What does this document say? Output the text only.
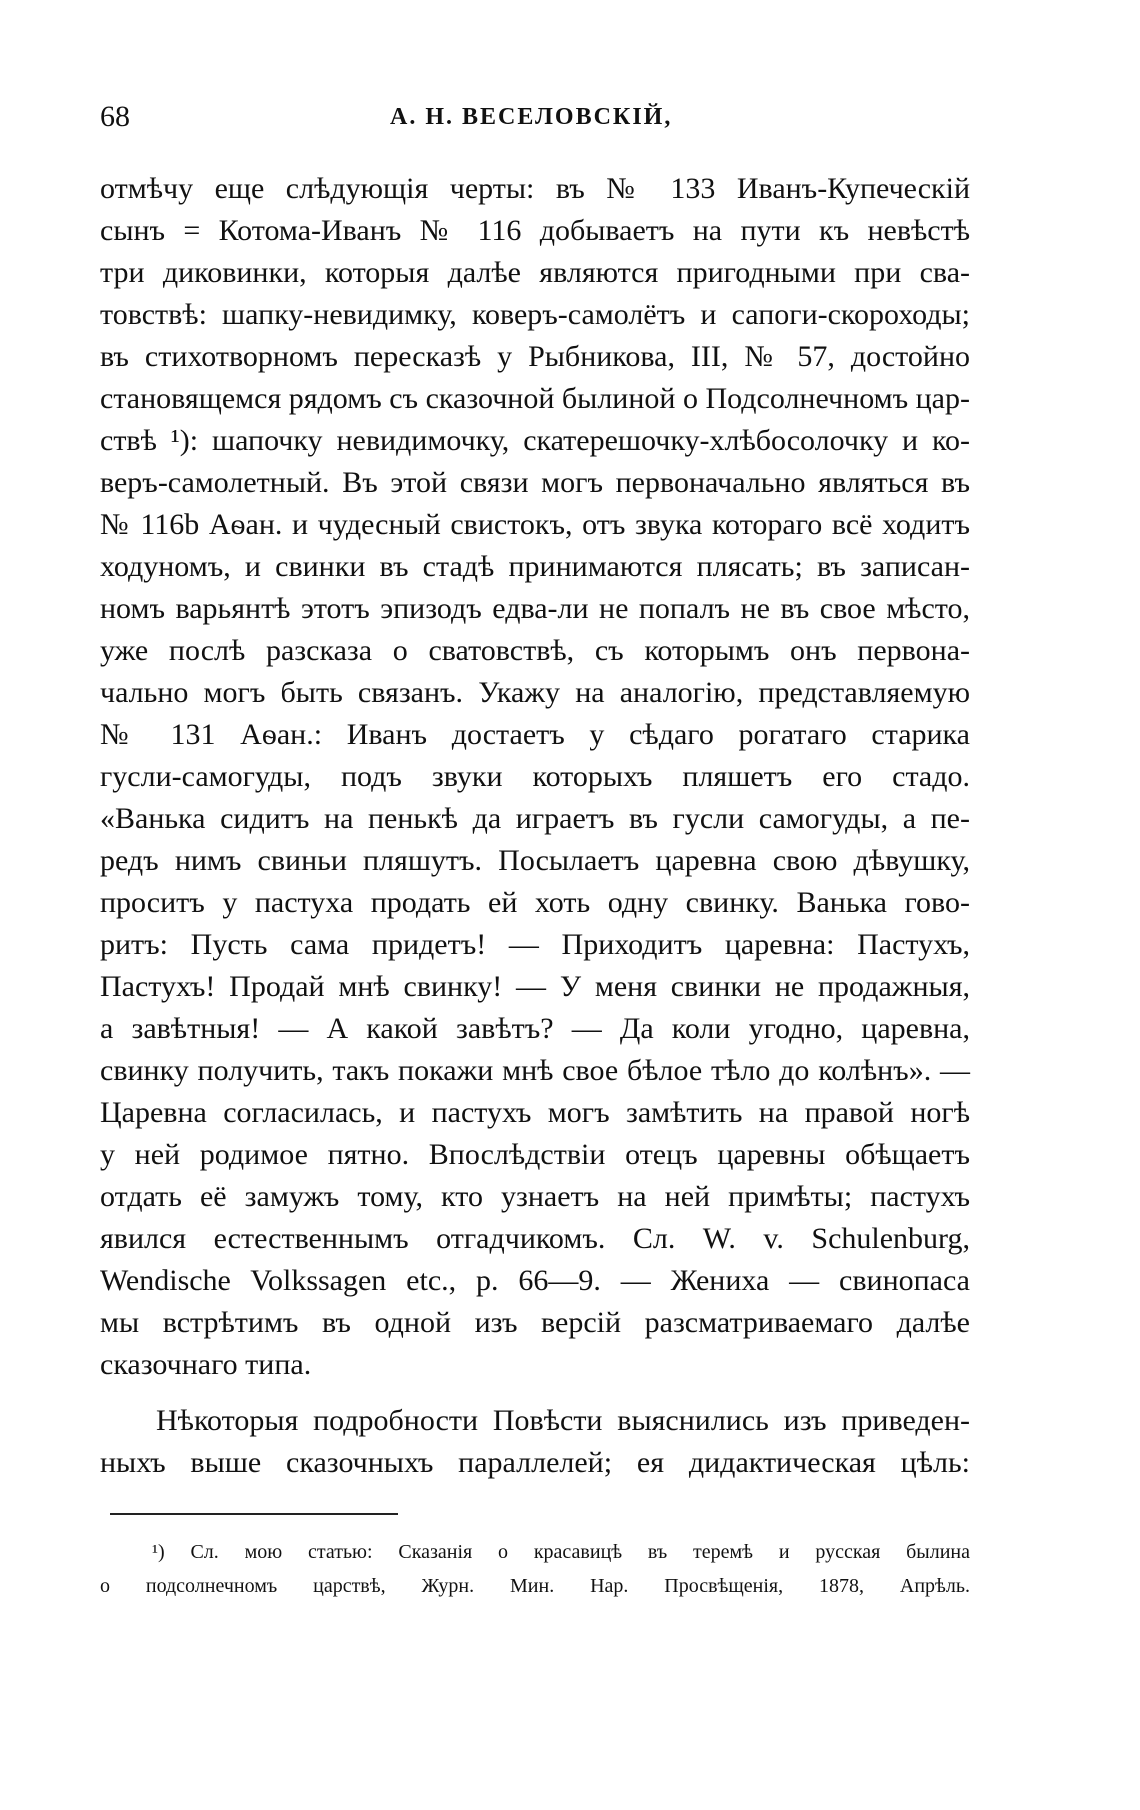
68	А. Н. ВЕСЕЛОВСКІЙ,
отмѣчу еще слѣдующія черты: въ № 133 Иванъ-Купеческій
сынъ = Котома-Иванъ № 116 добываетъ на пути къ невѣстѣ
три диковинки, которыя далѣе являются пригодными при сва-
товствѣ: шапку-невидимку, коверъ-самолётъ и сапоги-скороходы;
въ стихотворномъ пересказѣ у Рыбникова, III, № 57, достойно
становящемся рядомъ съ сказочной былиной о Подсолнечномъ цар-
ствѣ ¹): шапочку невидимочку, скатерешочку-хлѣбосолочку и ко-
веръ-самолетный. Въ этой связи могъ первоначально являться въ
№ 116b Аѳан. и чудесный свистокъ, отъ звука котораго всё ходитъ
ходуномъ, и свинки въ стадѣ принимаются плясать; въ записан-
номъ варьянтѣ этотъ эпизодъ едва-ли не попалъ не въ свое мѣсто,
уже послѣ разсказа о сватовствѣ, съ которымъ онъ первона-
чально могъ быть связанъ. Укажу на аналогію, представляемую
№ 131 Аѳан.: Иванъ достаетъ у сѣдаго рогатаго старика
гусли-самогуды, подъ звуки которыхъ пляшетъ его стадо.
«Ванька сидитъ на пенькѣ да играетъ въ гусли самогуды, а пе-
редъ нимъ свиньи пляшутъ. Посылаетъ царевна свою дѣвушку,
проситъ у пастуха продать ей хоть одну свинку. Ванька гово-
ритъ: Пусть сама придетъ! — Приходитъ царевна: Пастухъ,
Пастухъ! Продай мнѣ свинку! — У меня свинки не продажныя,
а завѣтныя! — А какой завѣтъ? — Да коли угодно, царевна,
свинку получить, такъ покажи мнѣ свое бѣлое тѣло до колѣнъ». —
Царевна согласилась, и пастухъ могъ замѣтить на правой ногѣ
у ней родимое пятно. Впослѣдствіи отецъ царевны обѣщаетъ
отдать её замужъ тому, кто узнаетъ на ней примѣты; пастухъ
явился естественнымъ отгадчикомъ. Сл. W. v. Schulenburg,
Wendische Volkssagen etc., p. 66—9. — Жениха — свинопаса
мы встрѣтимъ въ одной изъ версій разсматриваемаго далѣе
сказочнаго типа.
Нѣкоторыя подробности Повѣсти выяснились изъ приведен-
ныхъ выше сказочныхъ параллелей; ея дидактическая цѣль:
¹) Сл. мою статью: Сказанія о красавицѣ въ теремѣ и русская былина
о подсолнечномъ царствѣ, Журн. Мин. Нар. Просвѣщенія, 1878, Апрѣль.
